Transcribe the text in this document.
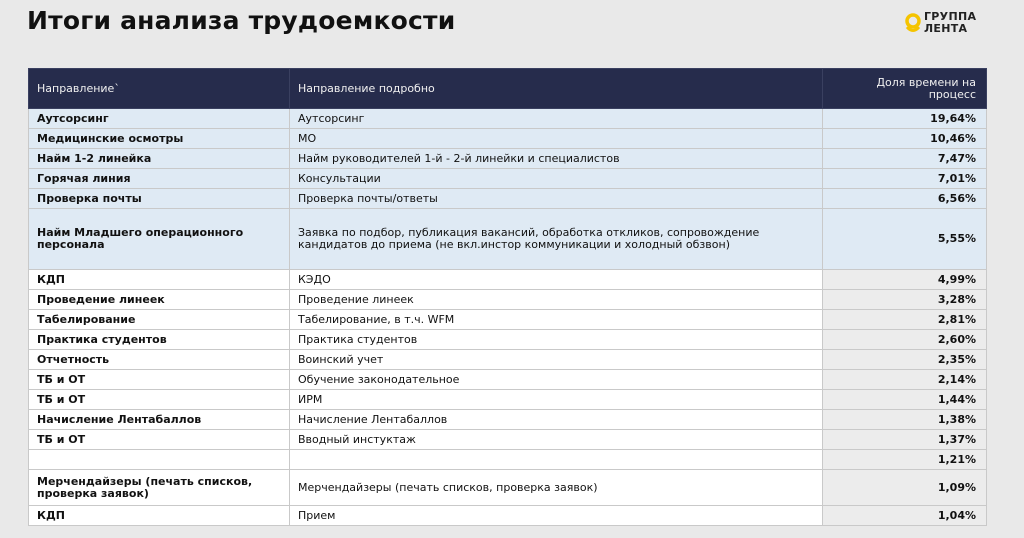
Итоги анализа трудоемкости	ГРУППА
ЛЕНТА
Направление`	Направление подробно	Доля времени на процесс
Аутсорсинг	Аутсорсинг	19,64%
Медицинские осмотры	МО	10,46%
Найм 1-2 линейка	Найм руководителей 1-й - 2-й линейки и специалистов	7,47%
Горячая линия	Консультации	7,01%
Проверка почты	Проверка почты/ответы	6,56%
Найм Младшего операционного персонала	Заявка по подбор, публикация вакансий, обработка откликов, сопровождение кандидатов до приема (не вкл.инстор коммуникации и холодный обзвон)	5,55%
КДП	КЭДО	4,99%
Проведение линеек	Проведение линеек	3,28%
Табелирование	Табелирование, в т.ч. WFM	2,81%
Практика студентов	Практика студентов	2,60%
Отчетность	Воинский учет	2,35%
ТБ и ОТ	Обучение законодательное	2,14%
ТБ и ОТ	ИРМ	1,44%
Начисление Лентабаллов	Начисление Лентабаллов	1,38%
ТБ и ОТ	Вводный инстуктаж	1,37%
		1,21%
Мерчендайзеры (печать списков, проверка заявок)	Мерчендайзеры (печать списков, проверка заявок)	1,09%
КДП	Прием	1,04%
